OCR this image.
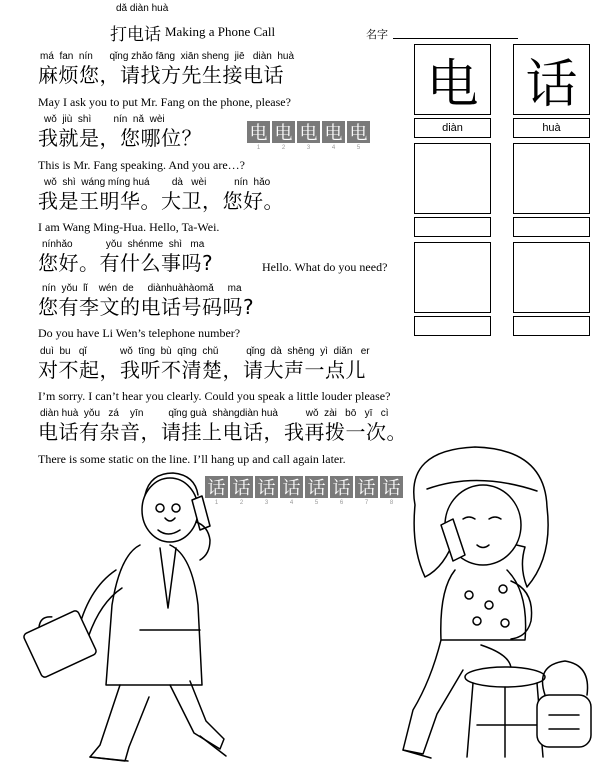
dǎ diàn huà
打电话 Making a Phone Call	名字
má  fan  nín      qǐng zhǎo fāng  xiān sheng  jiē   diàn  huà
麻烦您，请找方先生接电话
May I ask you to put Mr. Fang on the phone, please?
wǒ  jiù  shì        nín  nǎ  wèi
我就是，您哪位？	电 电 电 电 电
1	2	3	4	5
This is Mr. Fang speaking. And you are…?
wǒ  shì  wáng míng huá        dà   wèi          nín  hǎo
我是王明华。大卫，您好。
I am Wang Ming-Hua. Hello, Ta-Wei.
nínhǎo            yǒu  shénme  shì   ma
您好。有什么事吗?	Hello. What do you need?
nín  yǒu  lǐ    wén  de     diànhuàhàomǎ     ma
您有李文的电话号码吗?
Do you have Li Wen’s telephone number?
duì  bu   qǐ            wǒ  tīng  bù  qīng  chǔ          qǐng  dà  shēng  yì  diǎn   er
对不起，我听不清楚，请大声一点儿
I’m sorry. I can’t hear you clearly. Could you speak a little louder please?
diàn huà  yǒu   zá    yīn         qǐng guà  shàngdiàn huà          wǒ  zài   bō   yī   cì
电话有杂音，请挂上电话，我再拨一次。
There is some static on the line. I’ll hang up and call again later.
话 话 话 话 话 话 话 话
1	2	3	4	5	6	7	8
电 话
diàn	huà
